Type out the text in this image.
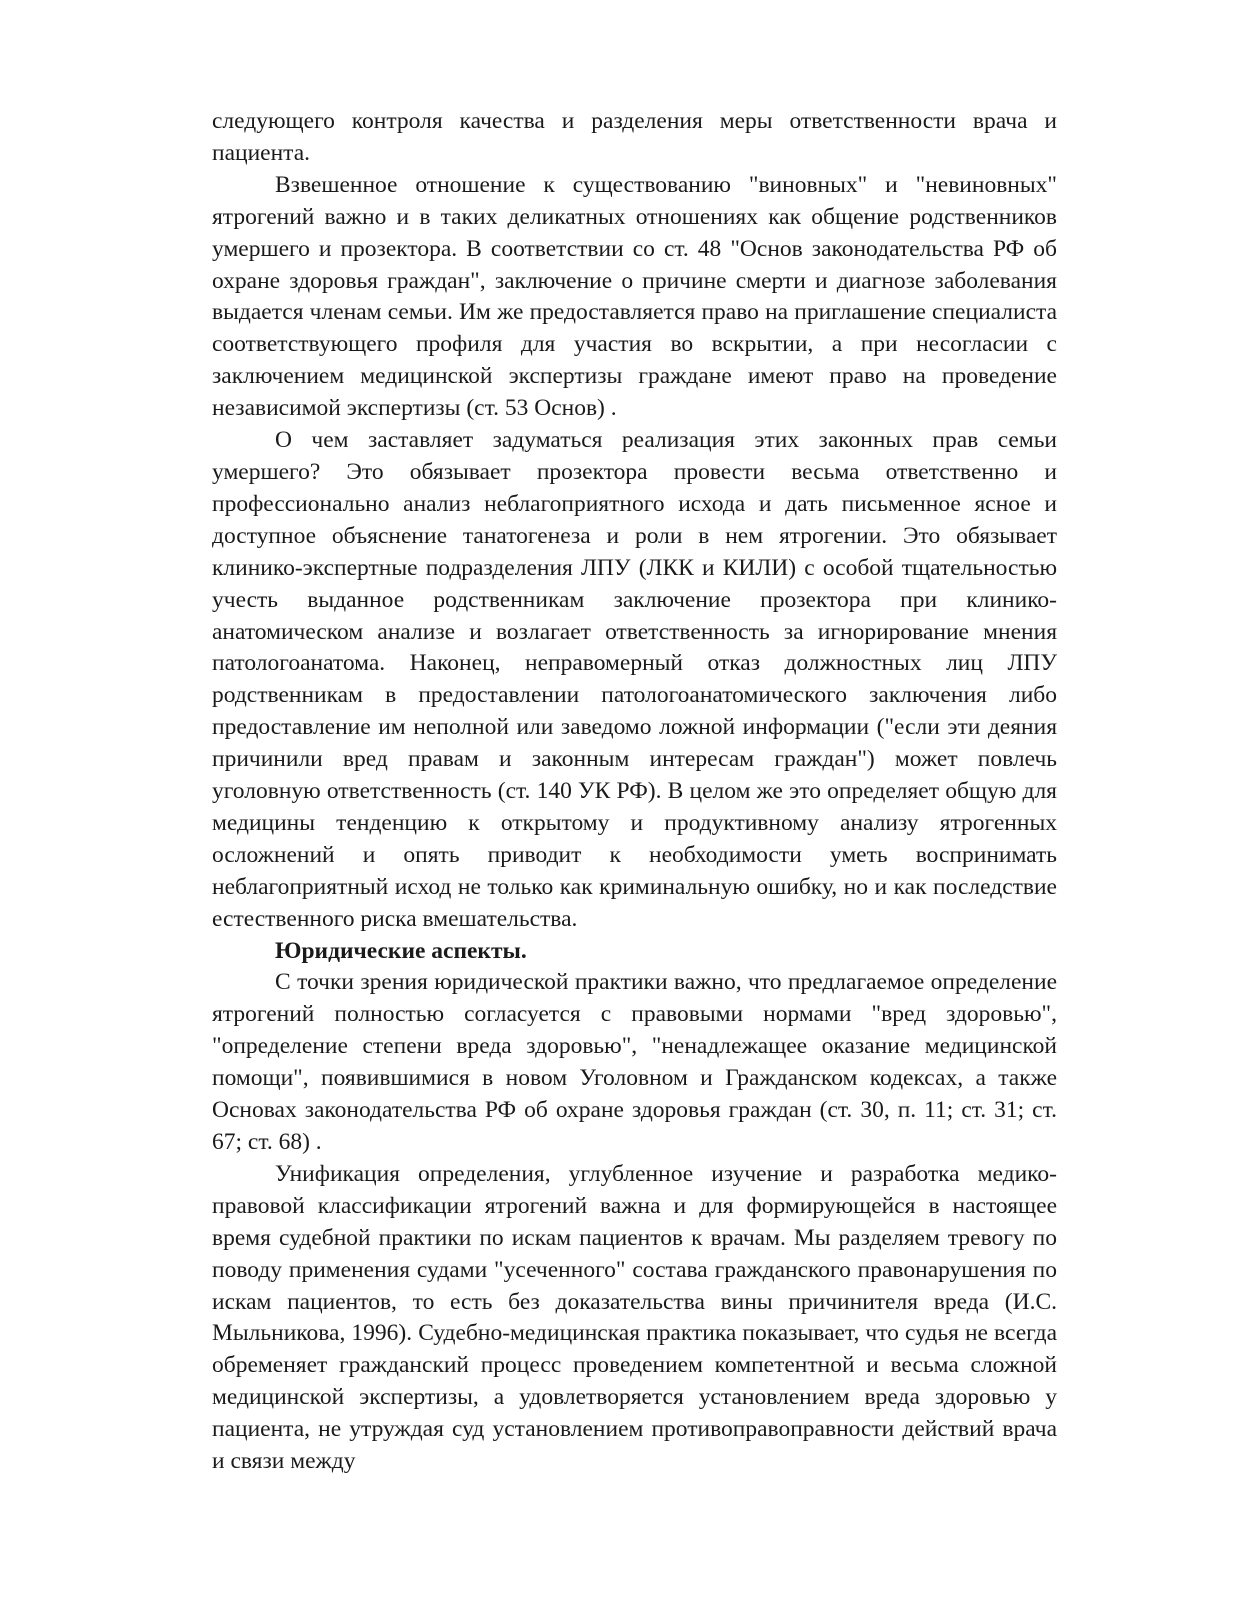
следующего контроля качества и разделения меры ответственности врача и пациента.

Взвешенное отношение к существованию "виновных" и "невиновных" ятрогений важно и в таких деликатных отношениях как общение родственников умершего и прозектора. В соответствии со ст. 48 "Основ законодательства РФ об охране здоровья граждан", заключение о причине смерти и диагнозе заболевания выдается членам семьи. Им же предоставляется право на приглашение специалиста соответствующего профиля для участия во вскрытии, а при несогласии с заключением медицинской экспертизы граждане имеют право на проведение независимой экспертизы (ст. 53 Основ) .

О чем заставляет задуматься реализация этих законных прав семьи умершего? Это обязывает прозектора провести весьма ответственно и профессионально анализ неблагоприятного исхода и дать письменное ясное и доступное объяснение танатогенеза и роли в нем ятрогении. Это обязывает клинико-экспертные подразделения ЛПУ (ЛКК и КИЛИ) с особой тщательностью учесть выданное родственникам заключение прозектора при клинико-анатомическом анализе и возлагает ответственность за игнорирование мнения патологоанатома. Наконец, неправомерный отказ должностных лиц ЛПУ родственникам в предоставлении патологоанатомического заключения либо предоставление им неполной или заведомо ложной информации ("если эти деяния причинили вред правам и законным интересам граждан") может повлечь уголовную ответственность (ст. 140 УК РФ). В целом же это определяет общую для медицины тенденцию к открытому и продуктивному анализу ятрогенных осложнений и опять приводит к необходимости уметь воспринимать неблагоприятный исход не только как криминальную ошибку, но и как последствие естественного риска вмешательства.

Юридические аспекты.

С точки зрения юридической практики важно, что предлагаемое определение ятрогений полностью согласуется с правовыми нормами "вред здоровью", "определение степени вреда здоровью", "ненадлежащее оказание медицинской помощи", появившимися в новом Уголовном и Гражданском кодексах, а также Основах законодательства РФ об охране здоровья граждан (ст. 30, п. 11; ст. 31; ст. 67; ст. 68) .

Унификация определения, углубленное изучение и разработка медико-правовой классификации ятрогений важна и для формирующейся в настоящее время судебной практики по искам пациентов к врачам. Мы разделяем тревогу по поводу применения судами "усеченного" состава гражданского правонарушения по искам пациентов, то есть без доказательства вины причинителя вреда (И.С. Мыльникова, 1996). Судебно-медицинская практика показывает, что судья не всегда обременяет гражданский процесс проведением компетентной и весьма сложной медицинской экспертизы, а удовлетворяется установлением вреда здоровью у пациента, не утруждая суд установлением противоправоправности действий врача и связи между
